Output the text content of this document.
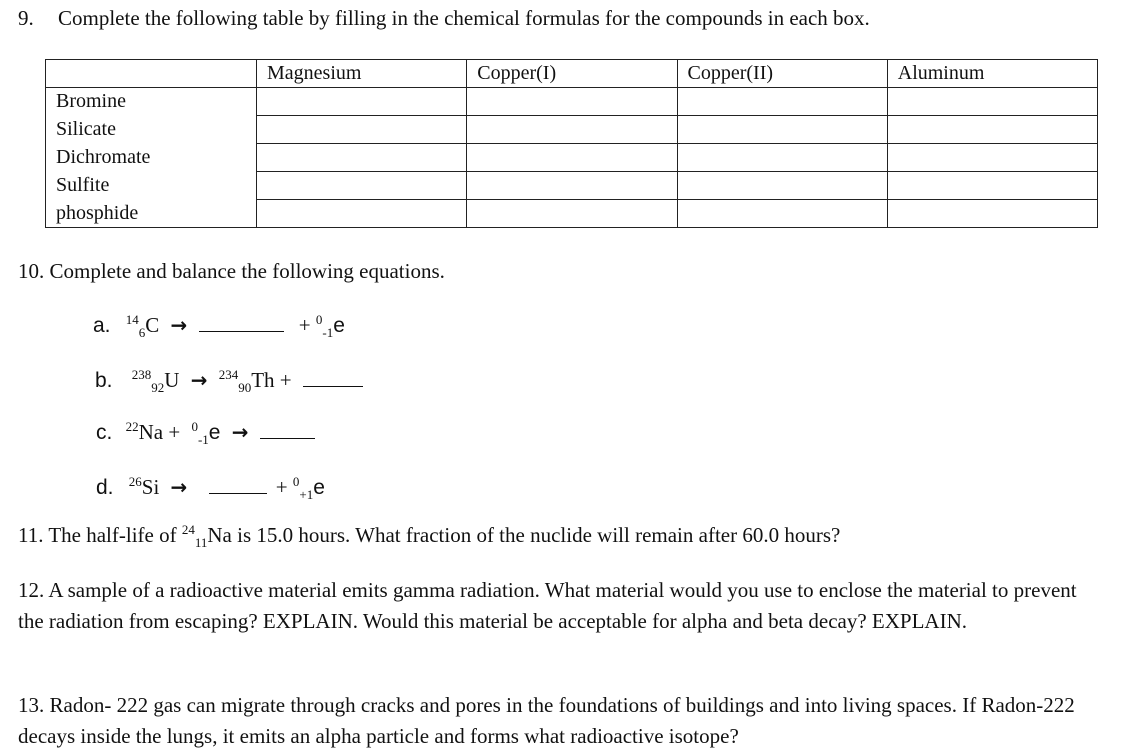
9. Complete the following table by filling in the chemical formulas for the compounds in each box.
	Magnesium	Copper(I)	Copper(II)	Aluminum
Bromine				
Silicate				
Dichromate				
Sulfite				
phosphide				
10. Complete and balance the following equations.
a. $^{14}_6$C →	+ $^0_{-1}$e
b. $^{238}_{92}$U → $^{234}_{90}$Th +
c. $^{22}$Na + $^0_{-1}$e →
d. $^{26}$Si →	+ $^0_{+1}$e
11. The half-life of $^{24}_{11}$Na is 15.0 hours. What fraction of the nuclide will remain after 60.0 hours?
12. A sample of a radioactive material emits gamma radiation. What material would you use to enclose the material to prevent the radiation from escaping? EXPLAIN. Would this material be acceptable for alpha and beta decay? EXPLAIN.
13. Radon- 222 gas can migrate through cracks and pores in the foundations of buildings and into living spaces. If Radon-222 decays inside the lungs, it emits an alpha particle and forms what radioactive isotope?
